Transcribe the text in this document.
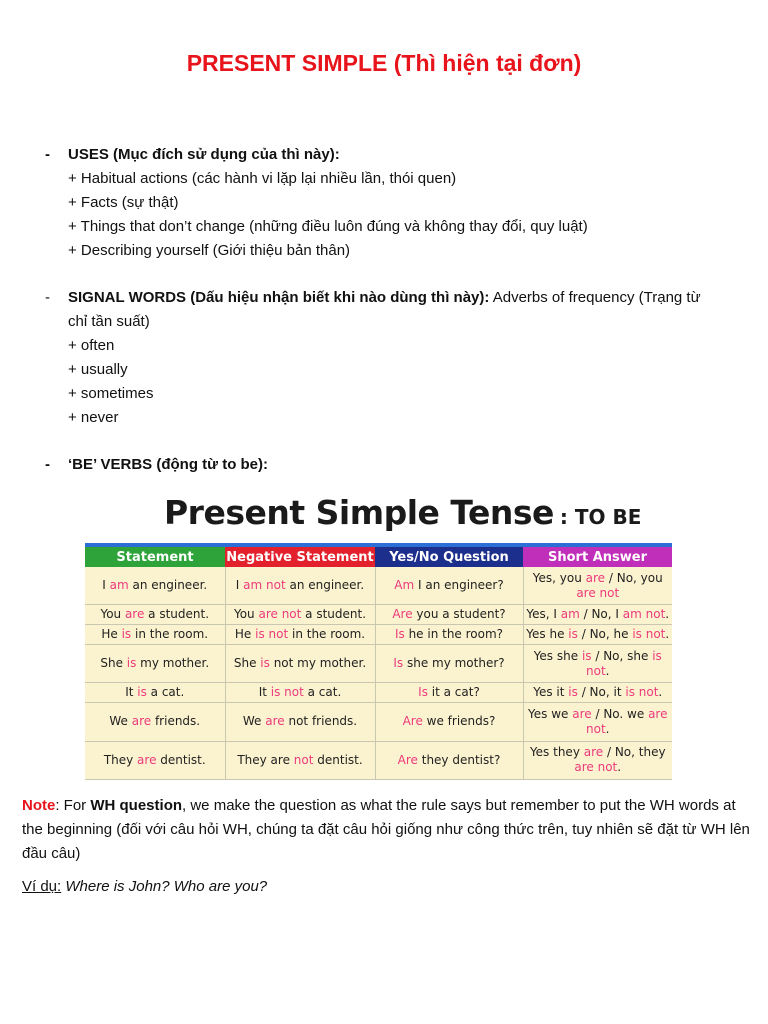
PRESENT SIMPLE (Thì hiện tại đơn)
- USES (Mục đích sử dụng của thì này):
+ Habitual actions (các hành vi lặp lại nhiều lần, thói quen)
+ Facts (sự thật)
+ Things that don’t change (những điều luôn đúng và không thay đổi, quy luật)
+ Describing yourself (Giới thiệu bản thân)
- SIGNAL WORDS (Dấu hiệu nhận biết khi nào dùng thì này): Adverbs of frequency (Trạng từ
chỉ tần suất)
+ often
+ usually
+ sometimes
+ never
- ‘BE’ VERBS (động từ to be):
Present Simple Tense : TO BE
Statement	Negative Statement	Yes/No Question	Short Answer
I am an engineer.	I am not an engineer.	Am I an engineer?	Yes, you are / No, you
are not
You are a student.	You are not a student.	Are you a student?	Yes, I am / No, I am not.
He is in the room.	He is not in the room.	Is he in the room?	Yes he is / No, he is not.
She is my mother.	She is not my mother.	Is she my mother?	Yes she is / No, she is not.
It is a cat.	It is not a cat.	Is it a cat?	Yes it is / No, it is not.
We are friends.	We are not friends.	Are we friends?	Yes we are / No. we are not.
They are dentist.	They are not dentist.	Are they dentist?	Yes they are / No, they
are not.
Note: For WH question, we make the question as what the rule says but remember to put the WH words at the beginning (đối với câu hỏi WH, chúng ta đặt câu hỏi giống như công thức trên, tuy nhiên sẽ đặt từ WH lên đầu câu)
Ví dụ: Where is John? Who are you?
